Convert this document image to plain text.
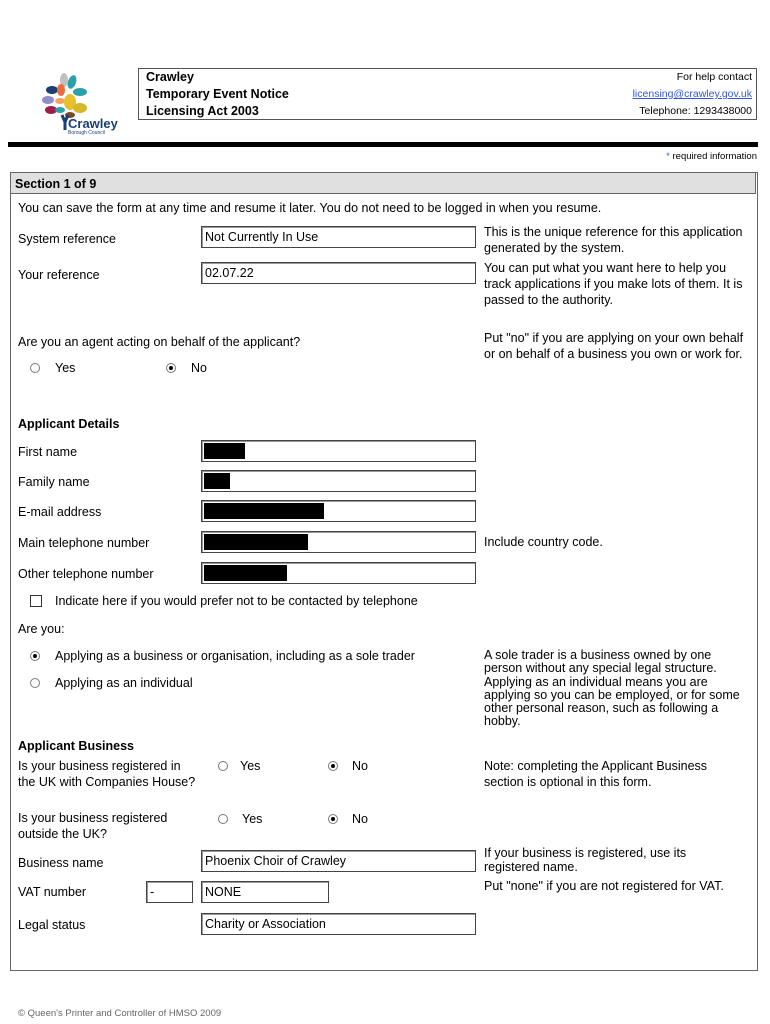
Crawley
Borough Council
Crawley
Temporary Event Notice
Licensing Act 2003
For help contact
licensing@crawley.gov.uk
Telephone: 1293438000
* required information
Section 1 of 9
You can save the form at any time and resume it later. You do not need to be logged in when you resume.
System reference	Not Currently In Use	This is the unique reference for this application generated by the system.
Your reference	02.07.22	You can put what you want here to help you track applications if you make lots of them. It is passed to the authority.
Are you an agent acting on behalf of the applicant?
Yes	No
Put "no" if you are applying on your own behalf or on behalf of a business you own or work for.
Applicant Details
First name
Family name
E-mail address
Main telephone number	Include country code.
Other telephone number
Indicate here if you would prefer not to be contacted by telephone
Are you:
Applying as a business or organisation, including as a sole trader
Applying as an individual
A sole trader is a business owned by one person without any special legal structure. Applying as an individual means you are applying so you can be employed, or for some other personal reason, such as following a hobby.
Applicant Business
Is your business registered in the UK with Companies House?
Yes	No	Note: completing the Applicant Business section is optional in this form.
Is your business registered outside the UK?
Yes	No
Business name	Phoenix Choir of Crawley
If your business is registered, use its registered name.
VAT number	-	NONE	Put "none" if you are not registered for VAT.
Legal status	Charity or Association
© Queen's Printer and Controller of HMSO 2009
